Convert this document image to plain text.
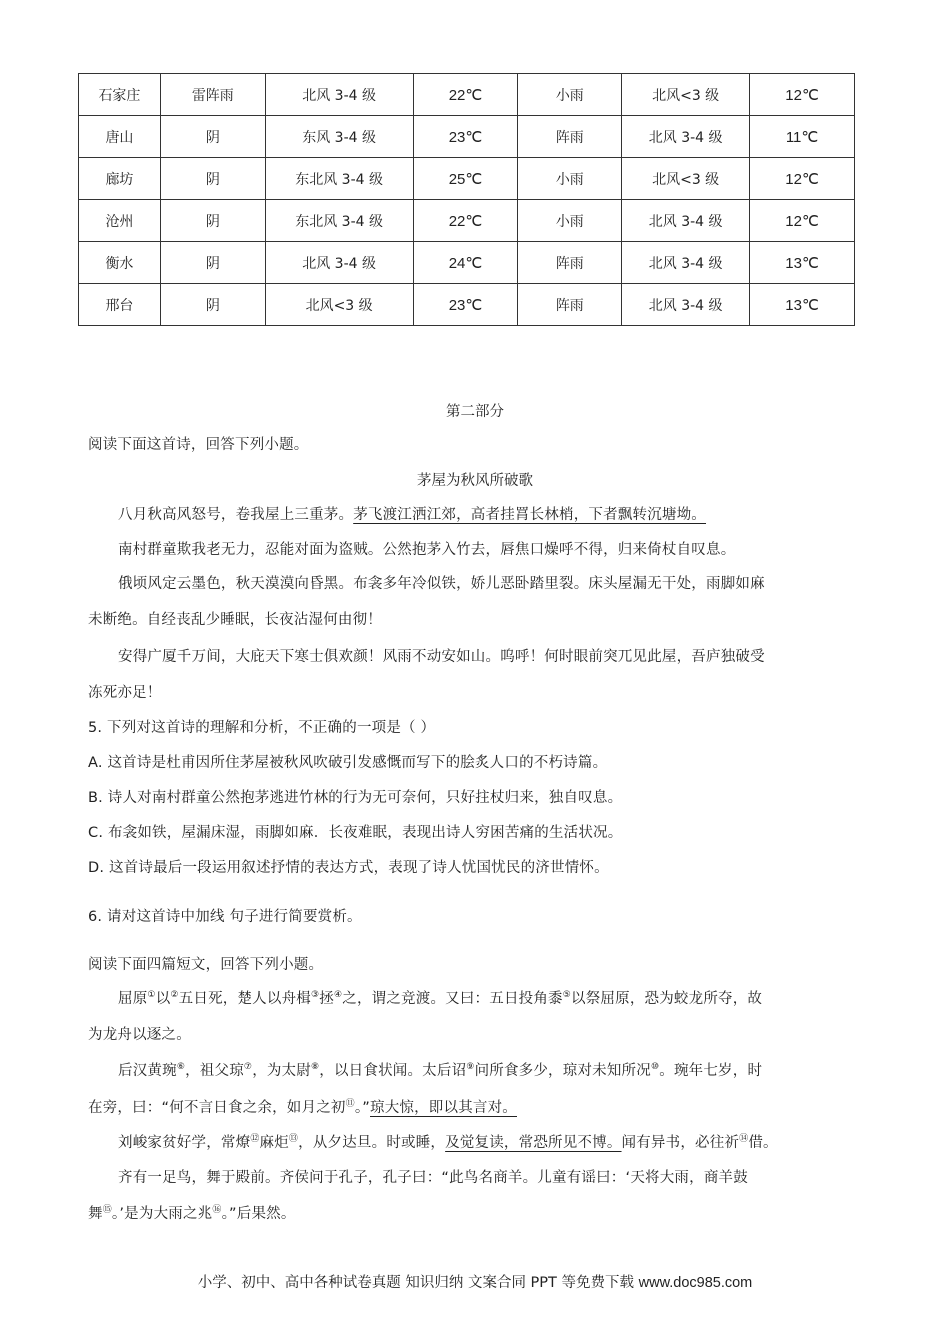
石家庄	雷阵雨	北风 3-4 级	22℃	小雨	北风<3 级	12℃
唐山	阴	东风 3-4 级	23℃	阵雨	北风 3-4 级	11℃
廊坊	阴	东北风 3-4 级	25℃	小雨	北风<3 级	12℃
沧州	阴	东北风 3-4 级	22℃	小雨	北风 3-4 级	12℃
衡水	阴	北风 3-4 级	24℃	阵雨	北风 3-4 级	13℃
邢台	阴	北风<3 级	23℃	阵雨	北风 3-4 级	13℃
第二部分
阅读下面这首诗，回答下列小题。
茅屋为秋风所破歌
八月秋高风怒号，卷我屋上三重茅。茅飞渡江洒江郊，高者挂罥长林梢，下者飘转沉塘坳。
南村群童欺我老无力，忍能对面为盗贼。公然抱茅入竹去，唇焦口燥呼不得，归来倚杖自叹息。
俄顷风定云墨色，秋天漠漠向昏黑。布衾多年冷似铁，娇儿恶卧踏里裂。床头屋漏无干处，雨脚如麻
未断绝。自经丧乱少睡眠，长夜沾湿何由彻！
安得广厦千万间，大庇天下寒士俱欢颜！风雨不动安如山。呜呼！何时眼前突兀见此屋，吾庐独破受
冻死亦足！
5. 下列对这首诗的理解和分析，不正确的一项是（ ）
A. 这首诗是杜甫因所住茅屋被秋风吹破引发感慨而写下的脍炙人口的不朽诗篇。
B. 诗人对南村群童公然抱茅逃进竹林的行为无可奈何，只好拄杖归来，独自叹息。
C. 布衾如铁，屋漏床湿，雨脚如麻．长夜难眠，表现出诗人穷困苦痛的生活状况。
D. 这首诗最后一段运用叙述抒情的表达方式，表现了诗人忧国忧民的济世情怀。
6. 请对这首诗中加线 句子进行简要赏析。
阅读下面四篇短文，回答下列小题。
屈原①以②五日死，楚人以舟楫③拯④之，谓之竞渡。又曰：五日投角黍⑤以祭屈原，恐为蛟龙所夺，故
为龙舟以逐之。
后汉黄琬⑥，祖父琼⑦，为太尉⑧，以日食状闻。太后诏⑨问所食多少，琼对未知所况⑩。琬年七岁，时
在旁，曰：“何不言日食之余，如月之初⑪。”琼大惊，即以其言对。
刘峻家贫好学，常燎⑫麻炬⑬，从夕达旦。时或睡，及觉复读，常恐所见不博。闻有异书，必往祈⑭借。
齐有一足鸟，舞于殿前。齐侯问于孔子，孔子曰：“此鸟名商羊。儿童有谣曰：‘天将大雨，商羊鼓
舞⑮。’是为大雨之兆⑯。”后果然。
小学、初中、高中各种试卷真题 知识归纳 文案合同 PPT 等免费下载 www.doc985.com
